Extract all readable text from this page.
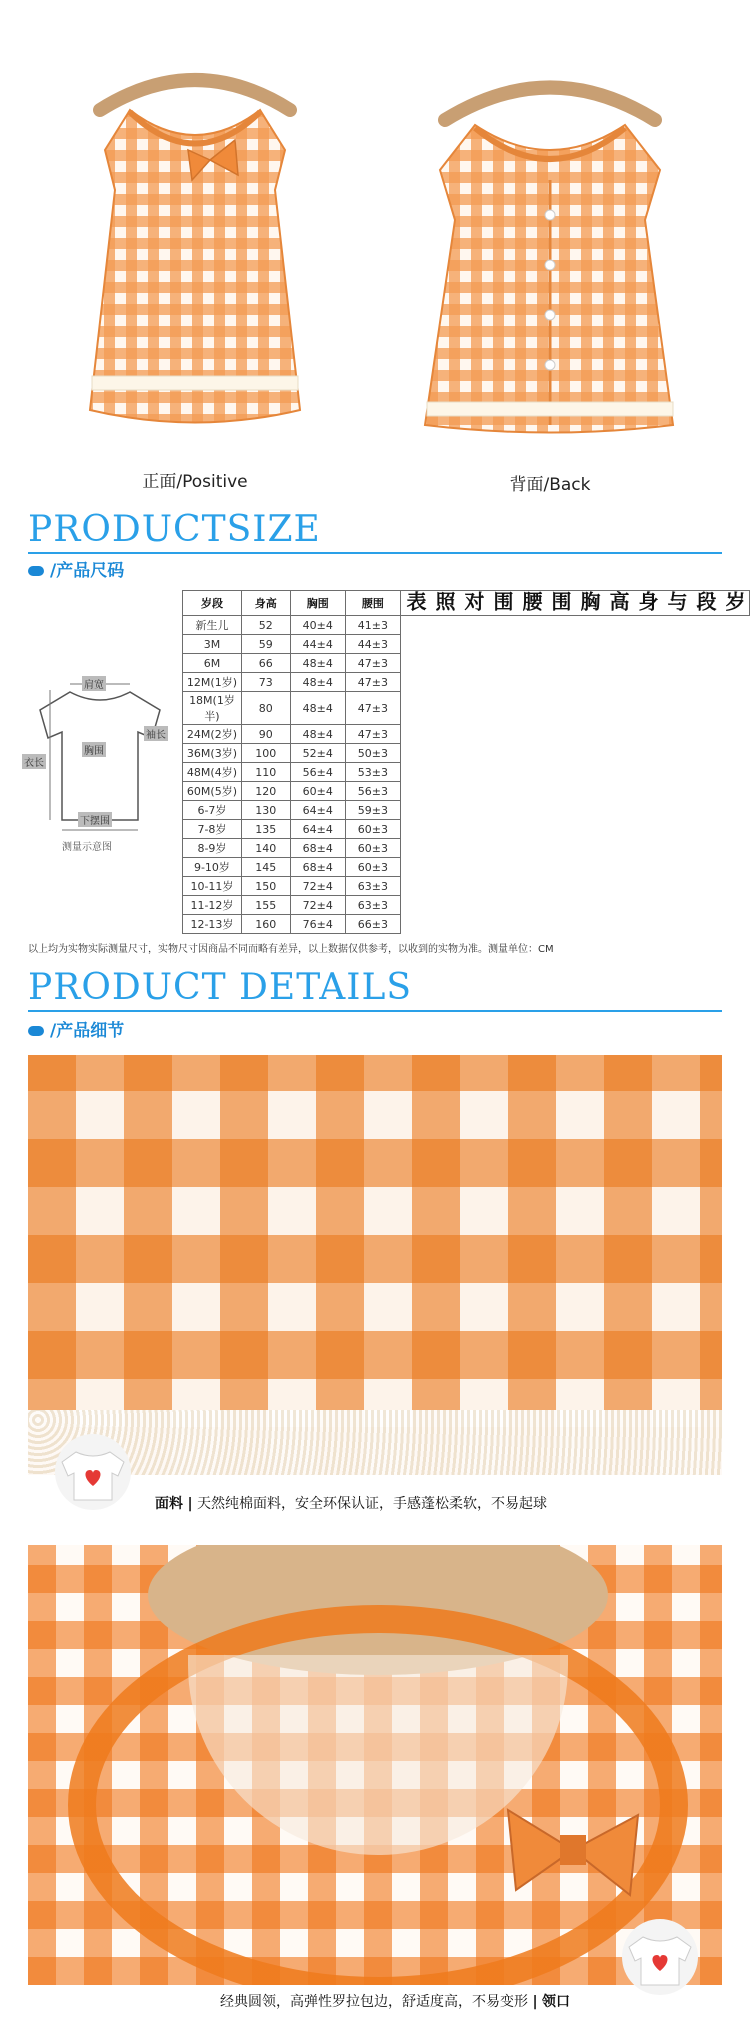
正面/Positive	背面/Back
PRODUCTSIZE
/产品尺码
肩宽
袖长
胸围
衣长
下摆围
测量示意图
岁段	身高	胸围	腰围	岁段与身高胸围腰围对照表

新生儿	52	40±4	41±3	
3M	59	44±4	44±3	
6M	66	48±4	47±3	
12M(1岁)	73	48±4	47±3	
18M(1岁半)	80	48±4	47±3	
24M(2岁)	90	48±4	47±3	
36M(3岁)	100	52±4	50±3	
48M(4岁)	110	56±4	53±3	
60M(5岁)	120	60±4	56±3	
6-7岁	130	64±4	59±3	
7-8岁	135	64±4	60±3	
8-9岁	140	68±4	60±3	
9-10岁	145	68±4	60±3	
10-11岁	150	72±4	63±3	
11-12岁	155	72±4	63±3	
12-13岁	160	76±4	66±3	
以上均为实物实际测量尺寸，实物尺寸因商品不同而略有差异，以上数据仅供参考，以收到的实物为准。测量单位：CM
PRODUCT DETAILS
/产品细节
面料 | 天然纯棉面料，安全环保认证，手感蓬松柔软，不易起球
经典圆领，高弹性罗拉包边，舒适度高，不易变形 | 领口
